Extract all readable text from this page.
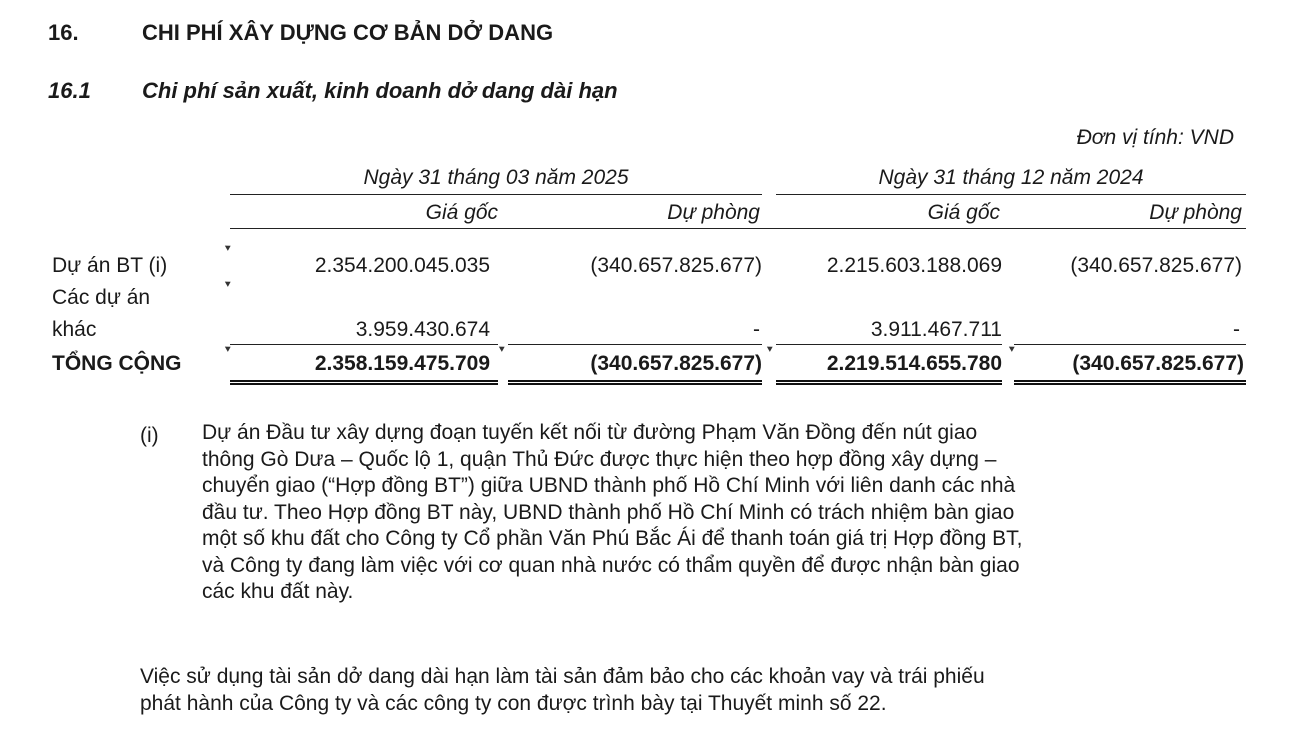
16.	CHI PHÍ XÂY DỰNG CƠ BẢN DỞ DANG
16.1 Chi phí sản xuất, kinh doanh dở dang dài hạn
Đơn vị tính: VND
Ngày 31 tháng 03 năm 2025	Ngày 31 tháng 12 năm 2024
Giá gốc	Dự phòng	Giá gốc	Dự phòng
Dự án BT (i)	2.354.200.045.035	(340.657.825.677)	2.215.603.188.069	(340.657.825.677)
Các dự án
khác	3.959.430.674	-	3.911.467.711	-
TỔNG CỘNG	2.358.159.475.709	(340.657.825.677)	2.219.514.655.780	(340.657.825.677)
(i) Dự án Đầu tư xây dựng đoạn tuyến kết nối từ đường Phạm Văn Đồng đến nút giao
thông Gò Dưa – Quốc lộ 1, quận Thủ Đức được thực hiện theo hợp đồng xây dựng –
chuyển giao (“Hợp đồng BT”) giữa UBND thành phố Hồ Chí Minh với liên danh các nhà
đầu tư. Theo Hợp đồng BT này, UBND thành phố Hồ Chí Minh có trách nhiệm bàn giao
một số khu đất cho Công ty Cổ phần Văn Phú Bắc Ái để thanh toán giá trị Hợp đồng BT,
và Công ty đang làm việc với cơ quan nhà nước có thẩm quyền để được nhận bàn giao
các khu đất này.
Việc sử dụng tài sản dở dang dài hạn làm tài sản đảm bảo cho các khoản vay và trái phiếu
phát hành của Công ty và các công ty con được trình bày tại Thuyết minh số 22.
